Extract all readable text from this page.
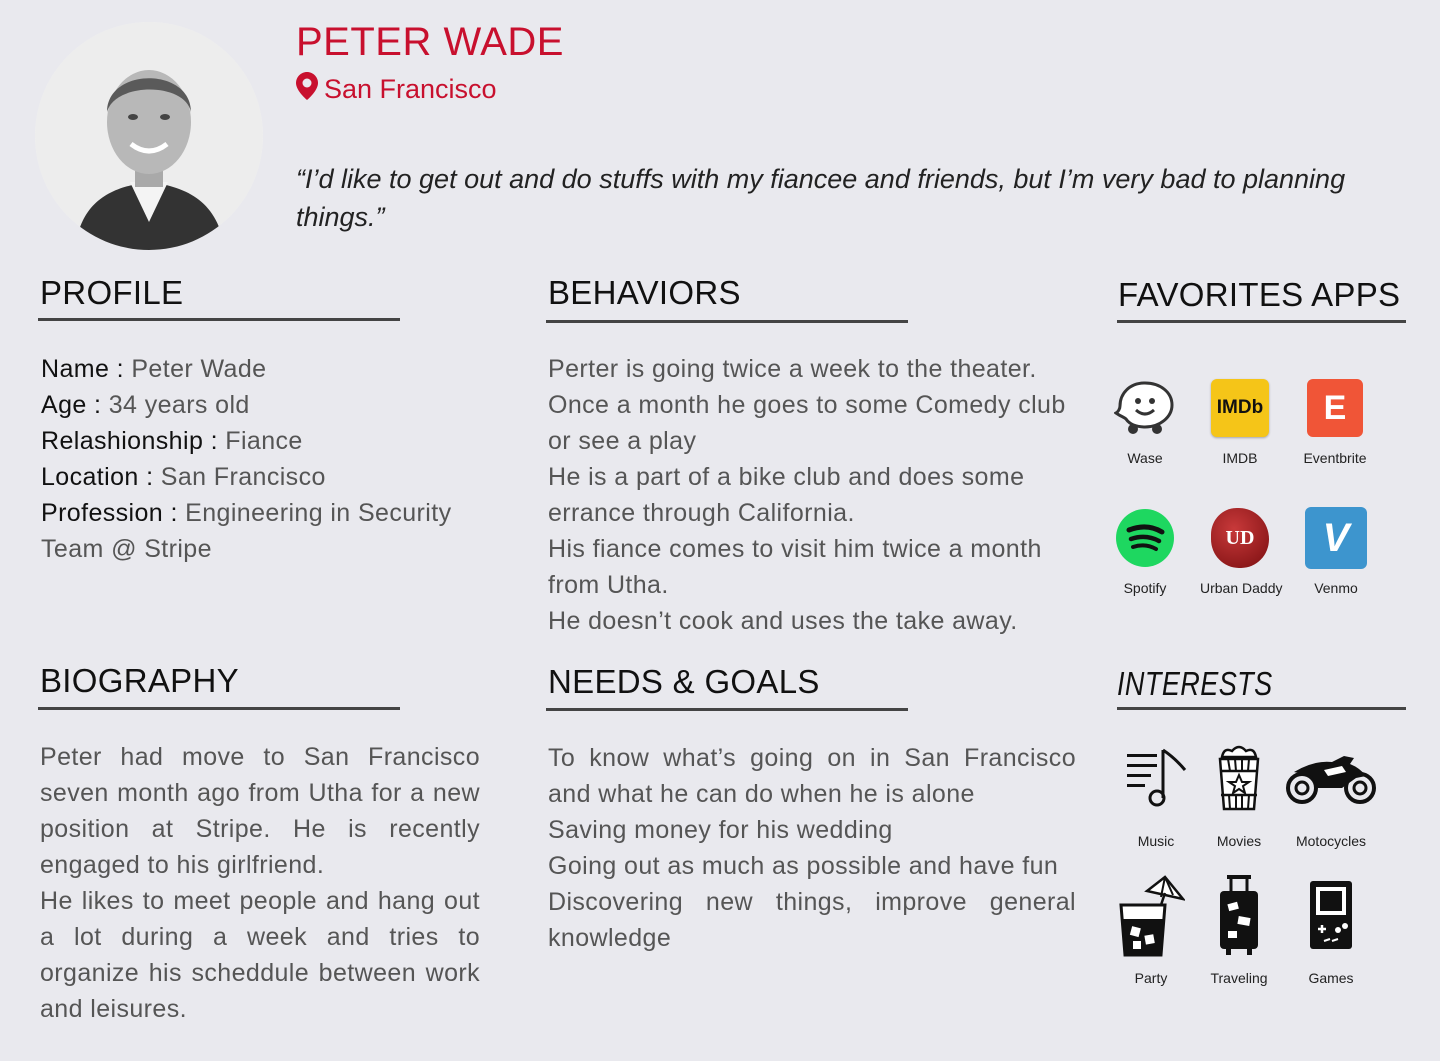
PETER WADE
San Francisco
“I’d like to get out and do stuffs with my fiancee and friends, but I’m very bad to planning things.”
PROFILE
Name : Peter Wade
Age : 34 years old
Relashionship : Fiance
Location : San Francisco
Profession : Engineering in Security Team @ Stripe
BEHAVIORS
Perter is going twice a week to the theater.
Once a month he goes to some Comedy club or see a play
He is a part of a bike club and does some errance through California.
His fiance comes to visit him twice a month from Utha.
He doesn’t cook and uses the take away.
FAVORITES APPS
Wase
IMDb
IMDB
E
Eventbrite
Spotify
UD
Urban Daddy
V
Venmo
BIOGRAPHY
Peter had move to San Francisco seven month ago from Utha for a new position at Stripe. He is recently engaged to his girlfriend.
He likes to meet people and hang out a lot during a week and tries to organize his scheddule between work and leisures.
NEEDS & GOALS
To know what’s going on in San Francisco and what he can do when he is alone
Saving money for his wedding
Going out as much as possible and have fun
Discovering new things, improve general knowledge
INTERESTS
Music	Movies	Motocycles
Party	Traveling	Games
